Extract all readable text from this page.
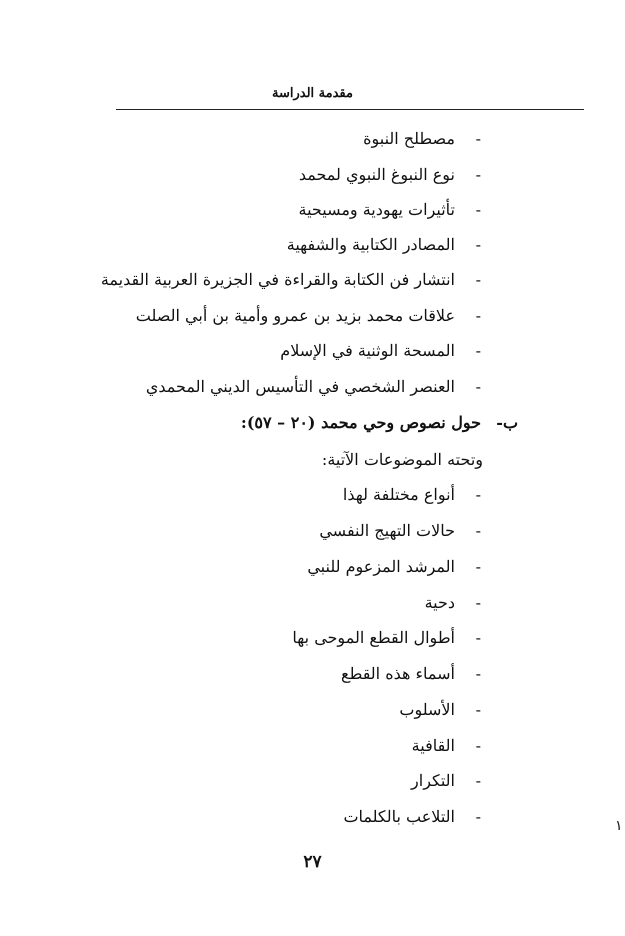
مقدمة الدراسة
-
مصطلح النبوة
-
نوع النبوغ النبوي لمحمد
-
تأثيرات يهودية ومسيحية
-
المصادر الكتابية والشفهية
-
انتشار فن الكتابة والقراءة في الجزيرة العربية القديمة
-
علاقات محمد بزيد بن عمرو وأمية بن أبي الصلت
-
المسحة الوثنية في الإسلام
-
العنصر الشخصي في التأسيس الديني المحمدي
ب-
حول نصوص وحي محمد (٢٠ – ٥٧):
وتحته الموضوعات الآتية:
-
أنواع مختلفة لهذا
-
حالات التهيج النفسي
-
المرشد المزعوم للنبي
-
دحية
-
أطوال القطع الموحى بها
-
أسماء هذه القطع
-
الأسلوب
-
القافية
-
التكرار
-
التلاعب بالكلمات
٢٧
١
